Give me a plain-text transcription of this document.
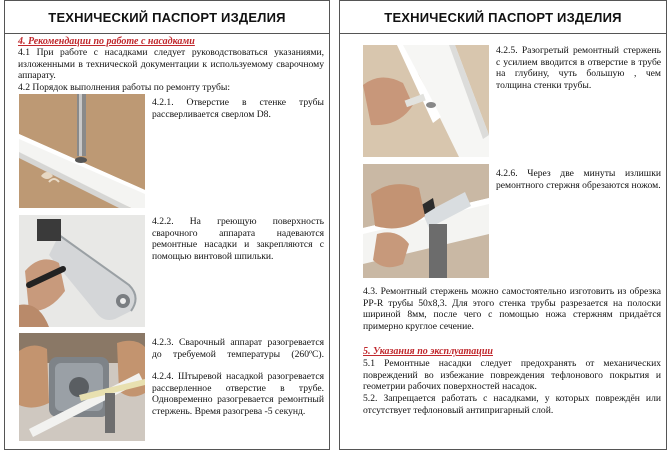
ТЕХНИЧЕСКИЙ ПАСПОРТ ИЗДЕЛИЯ
4. Рекомендации по работе с насадками
4.1 При работе с насадками следует руководствоваться указаниями, изложенными в технической документации к используемому сварочному аппарату.
4.2 Порядок выполнения работы по ремонту трубы:
4.2.1. Отверстие в стенке трубы рассверливается сверлом D8.
4.2.2. На греющую поверхность сварочного аппарата надеваются ремонтные насадки и закрепляются с помощью винтовой шпильки.
4.2.3. Сварочный аппарат разогревается до требуемой температуры (260ºС).
4.2.4. Штыревой насадкой разогревается рассверленное отверстие в трубе. Одновременно разогревается ремонтный стержень. Время разогрева -5 секунд.
ТЕХНИЧЕСКИЙ ПАСПОРТ ИЗДЕЛИЯ
4.2.5. Разогретый ремонтный стержень с усилием вводится в отверстие в трубе на глубину, чуть большую , чем толщина стенки трубы.
4.2.6. Через две минуты излишки ремонтного стержня обрезаются ножом.
4.3. Ремонтный стержень можно самостоятельно изготовить из обрезка PP-R трубы 50x8,3. Для этого стенка трубы разрезается на полоски шириной 8мм, после чего с помощью ножа стержням придаётся примерно круглое сечение.
5. Указания по эксплуатации
5.1 Ремонтные насадки следует предохранять от механических повреждений во избежание повреждения тефлонового покрытия и геометрии рабочих поверхностей насадок.
5.2. Запрещается работать с насадками, у которых повреждён или отсутствует тефлоновый антипригарный слой.
